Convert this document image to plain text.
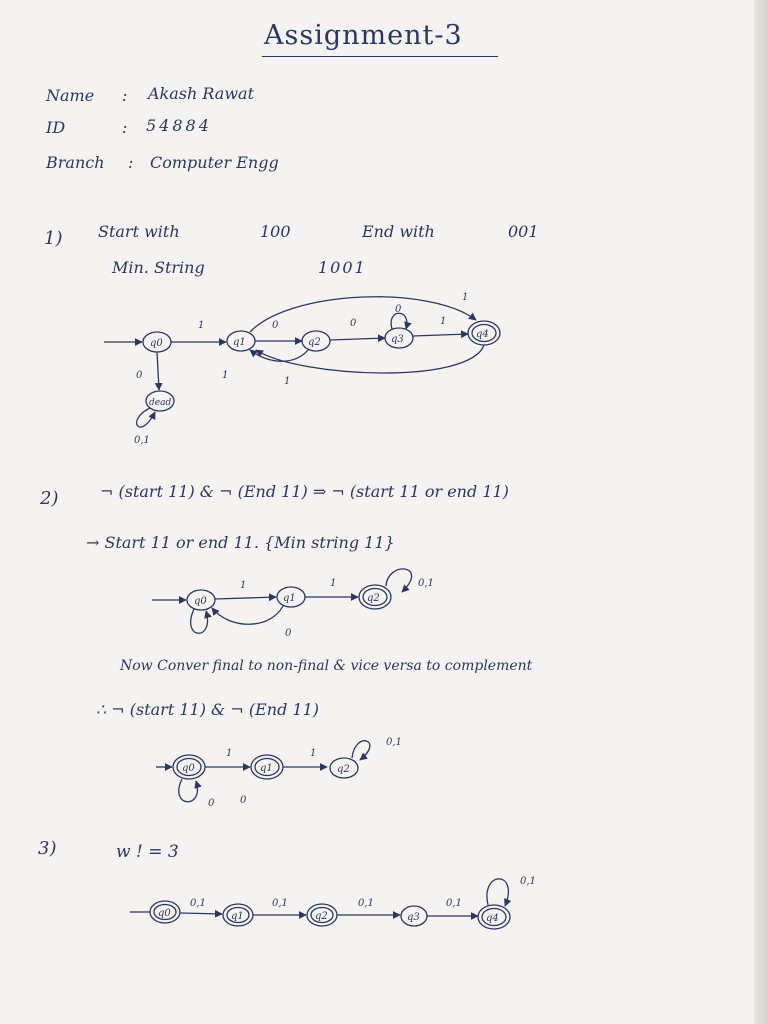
Assignment-3
Name : Akash Rawat
ID	: 54884
Branch : Computer Engg
1) Start with	100	End with	001
Min. String	1001
2)	¬ (start 11) & ¬ (End 11) ⇒ ¬ (start 11 or end 11)
→ Start 11 or end 11. {Min string 11}
Now Conver final to non-final & vice versa to complement
∴ ¬ (start 11) & ¬ (End 11)
3)	w ! = 3
q0	q1	q2	q3	q4
dead
q0	q1	q2
q0	q1	q2
q0	q1	q2	q3	q4
1	0	0	1
0
1
1
1
0
0,1
1	1	0,1
0
1	1
0,1
0	0
0,1	0,1	0,1	0,1
0,1
